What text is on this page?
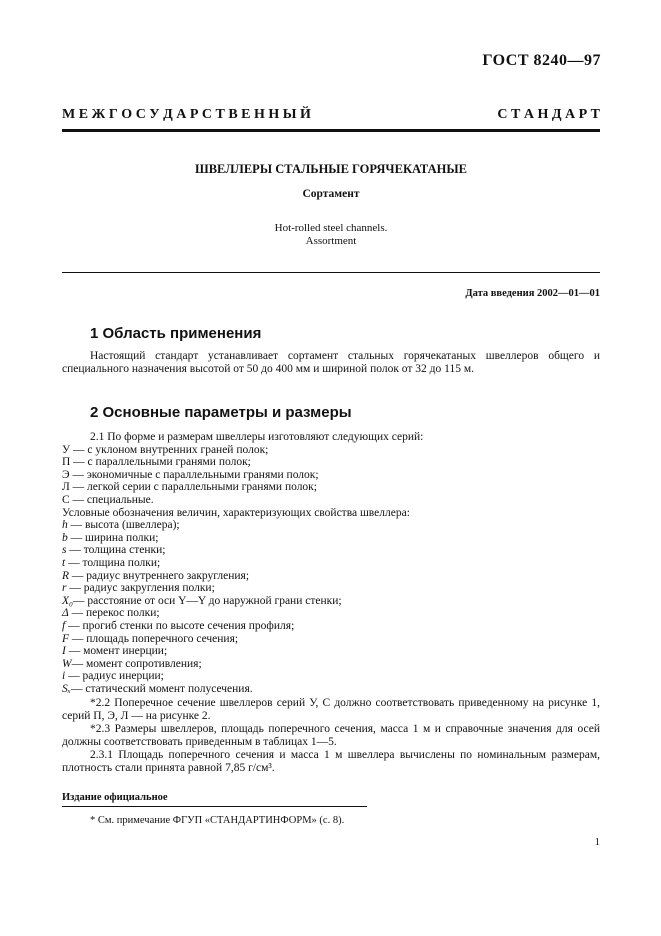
ГОСТ 8240—97
М Е Ж Г О С У Д А Р С Т В Е Н Н Ы Й	С Т А Н Д А Р Т
ШВЕЛЛЕРЫ СТАЛЬНЫЕ ГОРЯЧЕКАТАНЫЕ
Сортамент
Hot-rolled steel channels.
Assortment
Дата введения 2002—01—01
1 Область применения
Настоящий стандарт устанавливает сортамент стальных горячекатаных швеллеров общего и специального назначения высотой от 50 до 400 мм и шириной полок от 32 до 115 м.
2 Основные параметры и размеры
2.1 По форме и размерам швеллеры изготовляют следующих серий:
У — с уклоном внутренних граней полок;
П — с параллельными гранями полок;
Э — экономичные с параллельными гранями полок;
Л — легкой серии с параллельными гранями полок;
С — специальные.
Условные обозначения величин, характеризующих свойства швеллера:
h — высота (швеллера);
b — ширина полки;
s — толщина стенки;
t — толщина полки;
R — радиус внутреннего закругления;
r — радиус закругления полки;
X₀— расстояние от оси Y—Y до наружной грани стенки;
Δ — перекос полки;
f — прогиб стенки по высоте сечения профиля;
F — площадь поперечного сечения;
I — момент инерции;
W— момент сопротивления;
i — радиус инерции;
Sₓ— статический момент полусечения.
*2.2 Поперечное сечение швеллеров серий У, С должно соответствовать приведенному на рисунке 1, серий П, Э, Л — на рисунке 2.
*2.3 Размеры швеллеров, площадь поперечного сечения, масса 1 м и справочные значения для осей должны соответствовать приведенным в таблицах 1—5.
2.3.1 Площадь поперечного сечения и масса 1 м швеллера вычислены по номинальным размерам, плотность стали принята равной 7,85 г/см³.
Издание официальное
* См. примечание ФГУП «СТАНДАРТИНФОРМ» (с. 8).
1
